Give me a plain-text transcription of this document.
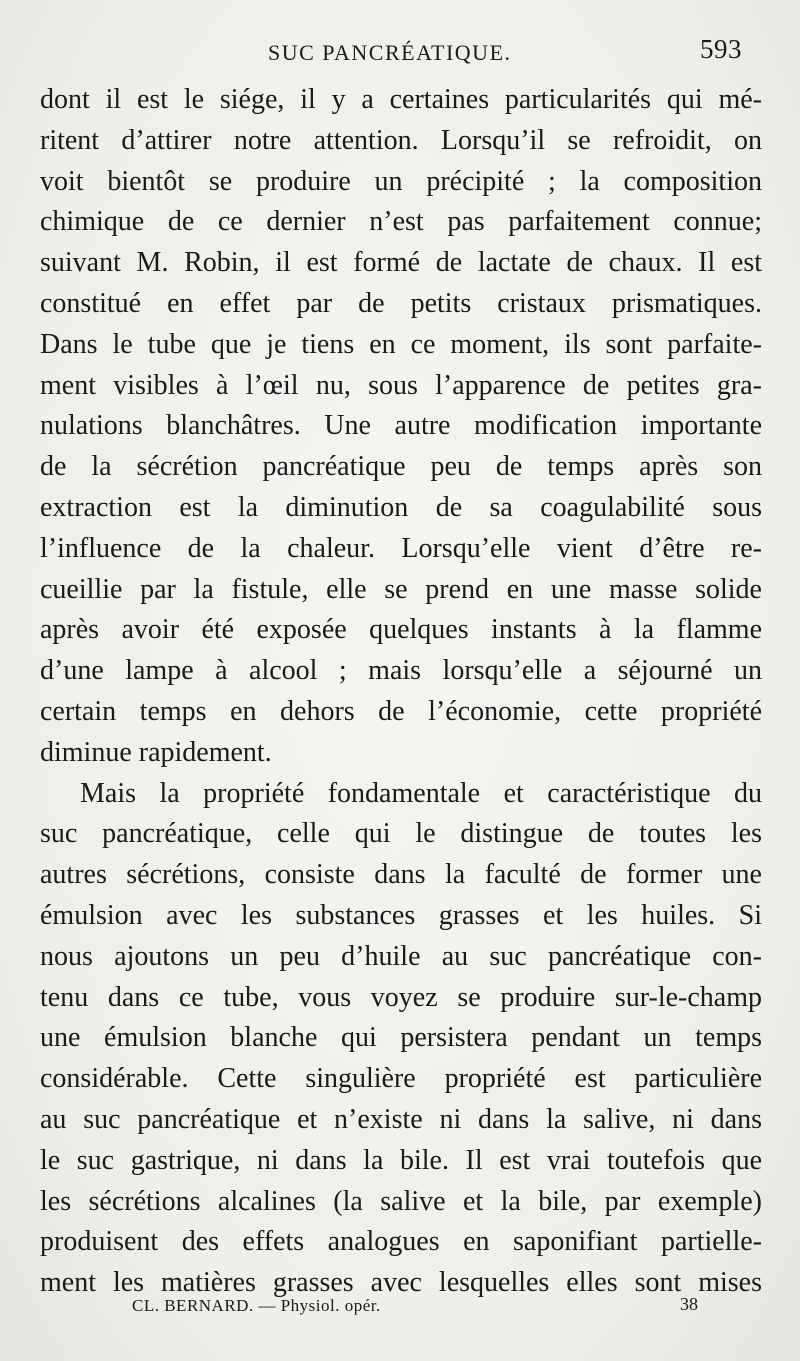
SUC PANCRÉATIQUE.	593
dont il est le siége, il y a certaines particularités qui mé-
ritent d’attirer notre attention. Lorsqu’il se refroidit, on
voit bientôt se produire un précipité ; la composition
chimique de ce dernier n’est pas parfaitement connue;
suivant M. Robin, il est formé de lactate de chaux. Il est
constitué en effet par de petits cristaux prismatiques.
Dans le tube que je tiens en ce moment, ils sont parfaite-
ment visibles à l’œil nu, sous l’apparence de petites gra-
nulations blanchâtres. Une autre modification importante
de la sécrétion pancréatique peu de temps après son
extraction est la diminution de sa coagulabilité sous
l’influence de la chaleur. Lorsqu’elle vient d’être re-
cueillie par la fistule, elle se prend en une masse solide
après avoir été exposée quelques instants à la flamme
d’une lampe à alcool ; mais lorsqu’elle a séjourné un
certain temps en dehors de l’économie, cette propriété
diminue rapidement.
Mais la propriété fondamentale et caractéristique du
suc pancréatique, celle qui le distingue de toutes les
autres sécrétions, consiste dans la faculté de former une
émulsion avec les substances grasses et les huiles. Si
nous ajoutons un peu d’huile au suc pancréatique con-
tenu dans ce tube, vous voyez se produire sur-le-champ
une émulsion blanche qui persistera pendant un temps
considérable. Cette singulière propriété est particulière
au suc pancréatique et n’existe ni dans la salive, ni dans
le suc gastrique, ni dans la bile. Il est vrai toutefois que
les sécrétions alcalines (la salive et la bile, par exemple)
produisent des effets analogues en saponifiant partielle-
ment les matières grasses avec lesquelles elles sont mises
CL. BERNARD. — Physiol. opér.	38
